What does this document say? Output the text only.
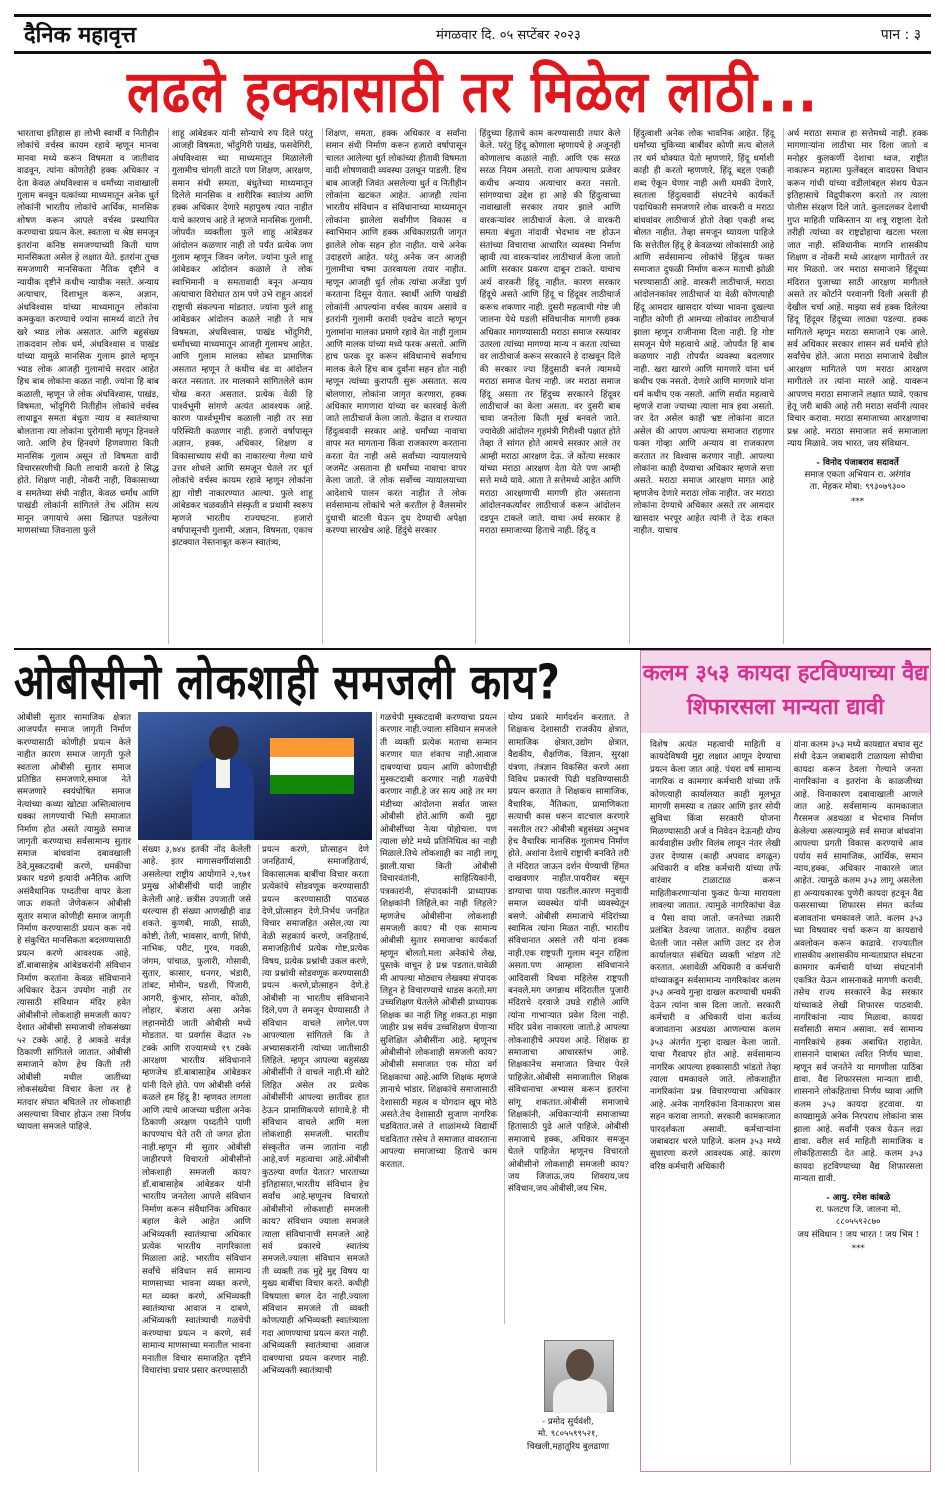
दैनिक महावृत्त	मंगळवार दि. ०५ सप्टेंबर २०२३	पान : ३
लढले हक्कासाठी तर मिळेल लाठी...
भारताचा इतिहास हा लोभी स्वार्थी व नितीहीन लोकांचे वर्चस्व कायम रहावे म्हणून मानवा मानवा मध्ये करून विषमता व जातीवाद वाढवून, त्यांना कोणतेही हक्क अधिकार न देता केवळ अंधविश्वास व धर्मांच्या नावाखाली गुलाम बनवून यत्कांच्या माध्यमातून अनेक धुर्त लोकांनी भारतीय लोकांचे आर्थिक, मानसिक शोषण करून आपले वर्चस्व प्रस्थापित करण्याचा प्रयत्न केल. स्वतःला च श्रेष्ठ समजून इतरांना कनिष्ठ समजण्याच्याी किती घाण मानसिकता असेल हे लक्षात येते. इतरांना तुच्छ समजणारी मानसिकता नैतिक दृष्टीने व न्यायीक दृष्टीने कधीच न्यायीक नसते. अन्याय अत्याचार, दिशाभूल करून, अज्ञान, अंधविश्वास यांच्या माध्यमातून लोकांना कमकुवत करण्याचे ज्यांना सामर्थ्य वाटते तेच खरे भ्याड लोक असतात. आणि बहुसंख्य ताकदवान लोक धर्म, अंधविश्वास व पाखंड यांच्या यामुळे मानसिक गुलाम झाले म्हणून भ्याड लोक आजही गुलामांचे सरदार आहेत हिच बाब लोकांना कळत नाही. ज्यांना हि बाब कळाली, म्हणून जे लोक अंधविश्वास, पाखंड, विषमता, भोंदूगिरी नितीहीन लोकांचे वर्चस्व लाथाडून समता बंधुता न्याय व स्वातंत्र्याचा बोलताना त्या लोकांना पुरोगामी म्हणून हिनवले जाते. आणि हेच हिनवणे हिणवणारा किती मानसिक गुलाम असून तो विषमता वादी विचारसरणीची किती लाचारी करतो हे सिद्ध होते. शिक्षण नाही, नोकरी नाही, विकासाच्या व समतेच्या संधी नाहीत, केवळ धर्मांध आणि पाखंडी लोकांनी सांगितले तेच अंतिम सत्य मानून जगायाचे असा खितपत पडलेल्या माणसांच्या जिवनाला फुले
शाहू आंबेडकर यांनी सोन्याचे रुप दिले परंतु आजही विषमता, भोंदुगिरी पाखंड, फसवेगिरी, अंधविश्वास च्या माध्यमातून मिळालेली गुलामीच चांगली वाटते पण शिक्षण, आरक्षण, समान संधी समता, बंधुतेच्या माध्यमातून दिलेले मानसिक व शारीरिक स्वातंत्र्य आणि हक्क अधिकार देणारे महापुरुष त्यात नाहीत याचे कारणच आहे ते म्हणजे मानसिक गुलामी. जोपर्यंत व्यक्तीला फुले शाहू आंबेडकर आंदोलन कळणार नाही तो पर्यंत प्रत्येक जण गुलाम म्हणून जिवन जगेल. ज्यांना फुले शाहू आंबेडकर आंदोलन कळाले ते लोक स्वाभिमानी व समतावादी बनून अन्याय अत्याचारा विरोधात ठाम पणे उभे राहून आदर्श राष्ट्राची संकल्पना मांडतात. ज्यांना फुले शाहू आंबेडकर आंदोलन कळले नाही ते मात्र विषमता, अंधविश्वास, पाखंड भोंदुगिरी, धर्मांधच्या माध्यमातून आजही गुलामच आहेत. आणि गुलाम मालका सोबत प्रामाणिक असतात म्हणून ते कधीच बंड वा आंदोलन करत नसतात. तर मालकाने सांगितलेले काम चोख करत असतात. प्रत्येक वेळी हि पार्श्वभूमी सांगणे अत्यंत आवश्यक आहे. कारण पार्श्वभूमीच कळाली नाही तर सद्य परिस्थिती कळणार नाही. हजारो वर्षापासून अज्ञान, हक्क, अधिकार, शिक्षण व विकासाच्याय संधी का नाकारल्या गेल्या याचे उत्तर शोधले आणि समजून घेतले तर धूर्त लोकांचे वर्चस्व कायम रहावे म्हणून लोकांना ह्या गोष्टी नाकारण्यात आल्या. फुले शाहू आंबेडकर चळवळीने संस्कृती व प्रथामी स्वरूप म्हणजे भारतीय राज्यघटना. हजारो वर्षापासूनची गुलामी, अज्ञान, विषमता, एकाच झटक्यात नेस्तनाबूत करून स्वातंत्र्य,
शिक्षण, समता, हक्क अधिकार व सर्वांना समान संधी निर्माण करून हजारो वर्षापासून चालत आलेल्या धुर्त लोकांच्या हीतावी विषमता वादी शोषणवादी व्यवस्था उलथून पाडली. हिच बाब आजही जिवंत असलेल्या धुर्त व नितीहीन लोकांना खटकत आहेत. आजही त्यांना भारतीय संविधान व संविधानाच्या माध्यमातून लोकांना झालेला सर्वांगीण विकास व स्वाभिमान आणि हक्क अधिकाराप्रती जागृत झालेले लोक सहन होत नाहीत. याचे अनेक उदाहरणे आहेत. परंतु अनेक जन आजही गुलामीचा चष्मा उतरवायला तयार नाहीत. म्हणून आजही धुर्त लोक त्यांचा अजेंडा पुर्ण करताना दिसून येतात. स्वार्थी आणि पाखंडी लोकांनी आपल्यांना वर्चस्व कायम असावे व इतरांनी गुलामी करावी एवढेच वाटते म्हणून गुलामांना मालका प्रमाणे रहावे वेत नाही गुलाम आणि मालक यांच्या मध्ये फरक असतो. आणि हाच फरक दूर करून संविधानाचे सर्वांगाच मालक केले हिच बाब दुर्वांना सहन होत नाही म्हणून त्यांच्या कुरापती सुरू असतात. सत्य बोलणारा, लोकांना जागृत करणारा, हक्क अधिकार मागणारा यांच्या वर कारवाई केली जाते लाठीचार्ज केला जातो. केंद्रात व राज्यात हिंदुत्ववादी सरकार आहे. धर्मांच्या नावाचा वापर मत मागताना किंवा राजकारण करताना करता येत नाही असे सर्वांच्या न्यायालयाचे जजमेंट असताना ही धर्मांच्या नावाचा वापर केला जातो. जे लोक सर्वोच्च न्यायालयाच्या आदेशाचे पालन करत नाहीत ते लोक सर्वसामान्य लोकांचे भले करतील हे वैलसमोर दुधाची बाटली घेऊन दुध देण्याची अपेक्षा करण्या सारखेच आहे. हिंदुंचे सरकार
हिंदुच्या हिताचे काम करण्यासाठी तयार केले केले. परंतु हिंदू कोणाला म्हणायचे हे अजूनही कोणालाच कळाले नाही. आणि एक सरळ सरळ नियम असतो. राजा आपल्याच प्रजेवर कधीच अन्याय अत्याचार करत नसतो. सांगण्याचा उद्देश हा आहे की हिंदुत्वाच्या नावाखाली सरकार तयार झाले आणि वारकऱ्यांवर लाठीचार्ज केला. जे वारकरी समता बंधुता नांदावी भेदभाव नष्ट होऊन संतांच्या विचाराचा आधारित व्यवस्था निर्माण व्हावी त्या वारकऱ्यांवर लाठीचार्ज केला जातो आणि सरकार प्रकरण दाबून टाकते. याचाच अर्थ वारकरी हिंदू नाहीत. कारण सरकार हिंदूचे असते आणि हिंदू च हिंदूवर लाठीचार्ज करूच शकणार नाही. दुसरी महत्वाची गोष्ट जी जालना येथे घडली संविधानीक मागणी हक्क अधिकार मागण्यासाठी मराठा समाज रस्त्यावर उतरला त्यांच्या मागण्या मान्य न करता त्यांच्या वर लाठीचार्ज करून सरकारने हे दाखवून दिले की सरकार ज्या हिंदुसाठी बनले त्यामध्ये मराठा समाज येतच नाही. जर मराठा समाज हिंदू असता तर हिंदुच्य सरकारने हिंदूवर लाठीचार्ज का केला असता. वर दुसरी बाब चावा जनतेला किती मूर्ख बनवले जाते. ज्यावेळी आंदोलन गृहमंत्री गिरीश्वी पक्षात होते तेव्हा ते सांगत होते आमचे सरकार आले तर आम्ही मराठा आरक्षण देऊ. जे कोंत्या सरकार यांच्या मराठा आरक्षण देता येते पण आम्ही सत्ते मध्ये यावे. आता ते सत्तेमध्ये आहेत आणि मराठा आरक्षणाची मागणी होत असताना आंदोलनकर्त्यांवर लाठीचार्ज करून आंदोलन दडपून टाकले जाते. याचा अर्थ सरकार हे मराठा समाजाच्या हिताचे नाही. हिंदू व
हिंदुत्वाशी अनेक लोक भावनिक आहेत. हिंदू धर्मांच्या चुकिच्या बाबींवर कोणी सत्य बोलले तर धर्म धोक्यात येतो म्हणणारे, हिंदू धर्माशी काही ही करतो म्हणणारे, हिंदू बद्दल एकही शब्द ऐकून घेणार नाही अशी धमकी देणारे, स्वतःला हिंदुत्ववादी संघटनेचे कार्यकर्ते पदाधिकारी समजणारे लोक वारकरी व मराठा बांधवांवर लाठीचार्ज होतो तेव्हा एकही शब्द बोलत नाहीत. तेव्हा समजून घ्यायला पाहिजे कि सत्तेतील हिंदू हे केवळच्या लोकांसाठी आहे आणि सर्वसामान्य लोकांचे हिंदुत्व फक्त समाजात दुफळी निर्माण करून मताची झोळी भरण्यासाठी आहे. वारकरी लाठीचार्ज, मराठा आंदोलनकांवर लाठीचार्ज या वेळी कोणत्याही हिंदू आमदार खासदार यांच्या भावना दुखल्या नाहीत कोणी ही आमच्या लोकांवर लाठीचार्ज झाला म्हणून राजीनामा दिला नाही. हि गोष्ट समजून घेणे महत्वाचे आहे. जोपर्यंत हि बाब कळणार नाही तोपर्यंत व्यवस्था बदलणार नाही. खरा खारणे आणि मागणारे यांना धर्म कधीच एक नसतो. देणारे आणि मागणारे यांना धर्म कधीच एक नसतो. आणि सर्वात महत्वाचे म्हणजे राजा ज्याच्या त्याला मात्र हवा असतो. जर देत असेल काही भ्रष्ट लोकांना वाटत असेल की आपण आपल्या समाजात राहणार फक्त गोव्हा आणि अन्याय वा राजकारण करतात तर विश्वास करणार नाही. आपल्या लोकांना काही देण्याचा अधिकार म्हणजे सत्ता असते. मराठा समाज आरक्षण मागत आहे म्हणजेच देणारे मराठा लोक नाहीत. जर मराठा लोकांना देण्याचे अधिकार असते तर आमदार खासदार भरपूर आहेत त्यांनी ते देऊ शकत नाहीत. याचाच
अर्थ मराठा समाज हा सत्तेमध्ये नाही. हक्क मागणाऱ्यांना लाठीचा मार दिला जातो व मनोहर कुलकर्णी देशाचा ध्वज, राष्ट्रीत नाकारून महात्मा फुलेंबद्दल बादग्रस्त विधान करून गांधी यांच्या वडीलांबद्दल संशय घेऊन इतिहासाचे विद्रुपीकरण करतो तर त्याला पोलीस संरक्षण दिले जाते. कुलदलकर देशाची गुप्त माहिती पाकिस्तान या शत्रू राष्ट्राला देतो तरीही त्यांच्या वर राष्ट्रद्रोहाचा खटला भरला जात नाही. संविधानीक मागनि शासकीय शिक्षण व नोकरी मध्ये आरक्षण मागीतले तर मार मिळतो. जर मराठा समाजाने हिंदूच्या मंदिरात पुजाच्या साठी आरक्षण मागीतले असते तर कोर्टाने परवानगी दिली असती ही देखील चर्चा आहे. माझ्या सर्व हक्क दिलेल्या हिंदू हिंदूवर हिंदूच्या लाठ्या पडल्या. हक्क मागितले म्हणून मराठा समाजाने एक आले. सर्व अधिकार सरकार शासन सर्व धर्माचे होते सर्वांचेच होते. आता मराठा समाजाचे देखील आरक्षण मागितले पण मराठा आरक्षण मागीतले तर त्यांना मारले आहे. यावरून आपणच मराठा समाजाने लक्षात घ्यावे. एकाच हेतू जरी बाकी आहे तरी मराठा सर्वांनी त्यावर विचार करावा. मराठा समाजाच्या आरक्षणाचा प्रश्न आहे. मराठा समाजात सर्व समाजाला न्याय मिळावे. जय भारत, जय संविधान.
- विनोद पंजाबराव सदावर्ते
समाज एकता अभियान रा. अरंगांव
ता. मेहकर मोबा: ९९३०७९३००
***
ओबीसीनो लोकशाही समजली काय?
ओबीसी सुतार सामाजिक क्षेत्रात आजपर्यंत समाज जागृती निर्माण करण्यासाठी कोणीही प्रयत्न केले नाहीत कारण समाज जागृती फुले स्वतःला ओबीसी सुतार समाज प्रतिष्ठित समजणारे,समाज नेते समजणारे स्वयंघोषित समाज नेत्यांच्या कथ्या खोट्या अस्तित्वालाच धक्का लागण्याची भिती समाजात निर्माण होत असते त्यामुळे समाज जागृती करण्याचा सर्वसामान्य सुतार समाज बांधवांना दबावखाली ठेवे,मुस्कटदाबी करणे, धमकीचा प्रकार घडणे इत्यादी अनैतिक आणि असंवैधानिक पध्दतीचा वापर केला जाऊ शकतो जेणेकरून ओबीसी सुतार समाज कोणीही समाज जागृती निर्माण करण्यासाठी प्रयत्न करू नये हे संकुचित मानसिकता बदलण्यासाठी प्रयत्न करणे आवश्यक आहे. डॉ.बाबासाहेब आंबेडकरांनी संविधान निर्माण करतांना केवळ संविधानाने अधिकार देऊन उपयोग नाही तर त्यासाठी संविधान मंदिर हवेत ओबीसीनो लोकशाही समजली काय? देशात ओबीसी समाजाची लोकसंख्या ५२ टक्के आहे. हे आकडे सर्वज्ञ ठिकाणी सांगितले जातात. ओबीसी समाजाने कोण हेच किती तरी ओबीसी मधील जातींच्या लोकसंख्येचा विचार केला तर हे मतदार संघात बघितले तर लोकशाही असल्याचा विचार होऊन तसा निर्णय घ्यायला समजले पाहिजे.
संख्या ३,७४४ इतकी नोंद केलेली आहे. इतर मागासवर्गीयांसाठी असलेल्या राष्ट्रीय आयोगाने २,९७१ प्रमुख ओबीसींची यादी जाहीर केलेली आहे. छत्रीस उपजाती जसे धरल्यास ही संख्या आणखीही वाढ शकते. कुणबी, माळी, साळी, कोष्टी, तेली, भावसार, वाणी, शिंपी, नाभिक, परीट, गुरव, गवळी, जंगम, पांचाळ, फुलारी, गोसावी, सुतार, कासार, धनगर, भंडारी, तांबट, मोमीन, घडशी, पिंजारी, आगरी, कुंभार, सोनार, कोळी, लोहार, बंजारा असा अनेक लहानमोठी जाती ओबीसी मध्ये मोडतात. या प्रवर्गास केंद्रात २७ टक्के आणि राज्यामध्ये १९ टक्के आरक्षण भारतीय संविधानाने म्हणजेच डॉ.बाबासाहेब आंबेडकर यांनी दिले होते. पण ओबीसी वर्गसे कळले हम हिंदू है! म्हणवत लागला आणि त्याचे आजच्या घडीला अनेक ठिकाणी अरक्षण पध्दतीने पाणी कापण्याच घेते तरी तो जगत होता नाही.म्हणून मी सुतार ओबीसी जाहीरपणे विचारतो ओबीसीनो लोकशाही समजली काय? डॉ.बाबासाहेब आंबेडकर यांनी भारतीय जनतेला आपले संविधान निर्माण करून संवैधानिक अधिकार बहाल केले आहेत आणि अभिव्यक्ती स्वातंत्र्याचा अधिकार प्रत्येक भारतीय नागरिकाला मिळाला आहे. भारतीय संविधान सर्वांचे संविधान सर्व सामान्य माणसाच्या भावना व्यक्त करणे, मत व्यक्त करणे, अभिव्यक्ती स्वातंत्र्याचा आवाज न दाबणे, अभिव्यक्ती स्वातंत्र्याची गळचेपी करण्याचा प्रयत्न न करणे, सर्व सामान्य माणसाच्या मनातील भावना मनातील विचार समाजहित दृष्टीने विचारांचा प्रचार प्रसार करण्यासाठी
प्रयत्न करणे, प्रोत्साहन देणे जनहितार्थ, समाजहितार्थ, विकासात्मक बाबींचा विचार करता प्रत्येकांचे सोडवणूक करण्यासाठी प्रयत्न करण्यासाठी पाठबळ देणे,प्रोत्साहन देणे.निर्भय जनहित विचार समाजहित असेल,त्या त्या वेळी सहकार्य करणे, जनहितार्थ, समाजहितीर्थ प्रत्येक गोष्ट,प्रत्येक विषय, प्रत्येक प्रश्नांची उकल करणे, त्या प्रश्नांची सोडवणूक करण्यासाठी प्रयत्न करणे,प्रोत्साहन देणे.हे ओबीसी ना भारतीय संविधानाने दिले,पण ते समजून घेण्यासाठी ते संविधान वाचले लागेल.पण आपल्याला सांगितले कि ते अभ्यासकरांनी त्यांच्या जातीसाठी लिहिले. म्हणून आपल्या बहुसंख्य ओबीसींनी ते वाचले नाही.मी खोटे लिहित असेल तर प्रत्येक ओबीसींनी आपल्या छातीवर हात ठेऊन प्रामाणिकपणे सांगावे.हे मी संविधान वाचले आणि मला लोकशाही समजली. भारतीय संस्कृतीत जन्म जातांना नाही आहे,वर्ण महत्वाचा आहे.ओबीसी कुठल्या वर्णात येतात? भारताच्या इतिहासात,भारतीय संविधान हेच सर्वांच आहे.म्हणूनच विचारतो ओबीसीनो लोकशाही समजली काय? संविधान ज्याला समजले त्याला संविधानाची समजले आहे सर्व प्रकारचे स्वातंत्र्य समजले.ज्याला संविधान समजते ती व्यक्ती तक मुद्दे मुद्द विषय या मुख्य बाबींचा विचार करते. कधीही विषयाला बगल देत नाही.ज्याला संविधान समजले ती व्यक्ती कोणत्याही अभिव्यक्ती स्वातंत्र्याला गदा आणण्याचा प्रयत्न करत नाही. अभिव्यक्ती स्वातंत्र्याचा आवाज दाबण्याचा प्रयत्न करणार नाही. अभिव्यक्ती स्वातंत्र्याची
गळचेपी मुस्कटदाबी करण्याचा प्रयत्न करणार नाही.ज्याला संविधान समजले ती व्यक्ती प्रत्येक मताचा सन्मान करणार यात शंकाच नाही.आवाज दाबण्याचा प्रयत्न आणि कोणाचीही मुस्कटदाबी करणार नाही गळचेपी करणार नाही.हे जर सत्य आहे तर मग मंडीच्या आंदोलना सर्वात जास्त ओबीसी होते.आणि कधी मुद्दा ओबीसींच्या नेत्या पोहोचला. पण त्याला छोटे मध्ये प्रतिनिधित्व का नाही मिळाले.तिथे लोकशाही का नाही लागू झाली.याचा किती ओबीसी विचारवंतांनी, साहित्यिकांनी, पत्रकारांनी, संपादकांनी प्राध्यापक शिक्षकांनी लिहिले.का नाही लिहले? म्हणजेच ओबीसीना लोकशाही समजली काय? मी एक सामान्य ओबीसी सुतार समाजाचा कार्यकर्ता म्हणून बोलतो.मला अनेकांचे लेख, पुस्तके वाचून हे प्रश्न पडतात.यावेळी मी आपल्या मोठ्याच लेखक्या संपादक लिहून हे विचारण्याचे धाडस करतो.मग उच्चशिक्षण घेतलेले ओबीसी प्राध्यापक शिक्षक का नाही लिहू शकत.हा माझा जाहीर प्रश्न सर्वच उच्चशिक्षण घेणाऱ्या सुशिक्षित ओबीसींना आहे. म्हणूनच ओबीसीनो लोकशाही समजली काय? ओबीसी समाजात एक मोठा वर्ग शिक्षकाचा आहे.आणि शिक्षक म्हणजे ज्ञानाचे भांडार. शिक्षकांचे समाजासाठी देशासाठी महत्व व योगदान खूप मोठे असते.तेच देशासाठी सुजाण नागरिक घडवितात.जसे ते शाळांमध्ये विद्यार्थी घडवितात तसेच ते समाजात वावरताना आपल्या समाजाच्या हिताचे काम करतात.
योग्य प्रकारे मार्गदर्शन करतात. ते शिक्षकच देशासाठी राजकीय क्षेत्रात, सामाजिक क्षेत्रात,उद्योग क्षेत्रात, वैद्यकीय, शैक्षणिक, विज्ञान, सुरक्षा यंत्रणा, तंत्रज्ञान विकसित करणे अशा विविध प्रकारची पिढी घडविण्यासाठी प्रयत्न करतात ते शिक्षकच सामाजिक, वैचारिक, नैतिकता, प्रामाणिकता सत्याची कास धरून वाटचाल करणारे नसतील तर? ओबीसी बहुसंख्य अनुभव हेच वैचारिक मानसिक गुलामच निर्माण होते. अशांना देशाचे राष्ट्राची बनविते तरी ते मंदिरात जाऊन दर्शन घेण्याची हिंमत दाखवणार नाहीत.पायरीवर बसून डाग्याचा पाया पडतील.कारण मनुवादी समाज व्यवस्थेत यांनी व्यवस्थेतून बसणे. ओबीसी समाजाचे मंदिरांच्या स्वामित्व त्यांना मिळत नाही. भारतीय संविधानात असले तरी यांना हक्क नाही.एक राष्ट्रपती गुलाम बनून राहिला असता.पण आम्हाला संविधानाने आदिवासी विधवा महिलेस राष्ट्रपती बनवले.मग जगन्नाथ मंदिरातील पुजारी मंदिराचे दरवाजे उघडे राहीले आणि त्यांना गाभाऱ्यात प्रवेश दिला नाही. मंदिर प्रवेश नाकारला जातो.हे आपल्या लोकशाहीचे अपयश आहे. शिक्षक हा समाजाचा आधारस्तंभ आहे. शिक्षकानेच समाजात विचार पेरले पाहिजेत.ओबीसी समाजातील शिक्षक संविधानाचा अभ्यास करून इतरांना सांगू शकतात.ओबीसी समाजाचे शिक्षकांनी, अधिकाऱ्यांनी समाजाच्या हितासाठी पुढे आले पाहिजे. ओबीसी समाजाचे हक्क, अधिकार समजून घेतले पाहिजेत म्हणूनच विचारतो ओबीसीनो लोकशाही समजली काय? जय जिजाऊ,जय शिवराय,जय संविधान,जय ओबीसी,जय भिम.
- प्रमोद सुर्यवंशी,
मो. ९८०५५९९५२१,
चिखली,महातूरिय बुलढाणा
कलम ३५३ कायदा हटविण्याच्या वैद्य शिफारसला मान्यता द्यावी
विशेष अत्यंत महत्वाची माहिती व कायदेविषयी मुद्दा लक्षात आणून देण्याचा प्रयत्न केला जात आहे. पंधरा वर्ष सामान्य नागरिक व कामगार कर्मचारी यांच्या तर्फे कोणत्याही कार्यालयात काही मूलभूत मागणी समस्या व तक्रार आणि इतर सोयी सुविधा किंवा सरकारी योजना मिळण्यासाठी अर्ज व निवेदन देऊनही योग्य कार्यवाहीस उशीर विलंब लावून नंतर लेखी उत्तर देण्यास (काही अपवाद वगळून) अधिकारी व वरिष्ठ कर्मचारी यांच्या तर्फे वारंवार टाळाटाळ करून माहितीकरणाऱ्यांना फुकट फेऱ्या मारायला लावल्या जातात. त्यामुळे नागरिकांचा वेळ व पैसा वाया जातो. जनतेच्या तक्रारी प्रलंबित ठेवल्या जातात. काहीच दखल घेतली जात नसेल आणि उलट दर रोज कार्यालयात संबंधित व्यक्ती भांडण तंटे करतात. अशावेळी अधिकारी व कर्मचारी यांच्याकडून सर्वसामान्य नागरिकांवर कलम ३५३ अन्वये गुन्हा दाखल करण्याची धमकी देऊन त्यांना त्रास दिला जातो. सरकारी कर्मचारी व अधिकारी यांना कर्तव्य बजावताना अडथळा आणल्यास कलम ३५३ अंतर्गत गुन्हा दाखल केला जातो. याचा गैरवापर होत आहे. सर्वसामान्य नागरिक आपल्या हक्कासाठी भांडतो तेव्हा त्याला धमकावले जाते. लोकशाहीत नागरिकांना प्रश्न विचारण्याचा अधिकार आहे. अनेक नागरिकांना विनाकारण त्रास सहन करावा लागतो. सरकारी कामकाजात पारदर्शकता असावी. कर्मचाऱ्यांना जबाबदार धरले पाहिजे. कलम ३५३ मध्ये सुधारणा करणे आवश्यक आहे. कारण वरिष्ठ कर्मचारी अधिकारी
यांना कलम ३५३ मध्ये कायद्यात बचाव सुट संधी देऊन जबाबदारी टाळायला सोयीचा कायदा करून ठेवला गेल्याने जनता नागरिकांना व इतरांना के काळजीच्या आहे. विनाकारण दबावाखाली आणले जात आहे. सर्वसामान्य कामकाजात गैरसमज अडथळा व भेदभाव निर्माण केलेल्या असल्यामुळे सर्व समाज बांधवांना आपल्या प्रगती विकास करण्याचे आव पर्याय सर्व सामाजिक, आर्थिक, समान न्याय,हक्क, अधिकार नाकारले जात आहेत. त्यामुळे कलम ३५३ लागू असलेला हा अन्यायकारक पुणेरी कायदा हटवून वैद्य फसरसाच्या शिफारस संमत कर्तव्य बजावतांना धमकावले जाते. कलम ३५३ च्या विषयावर चर्चा करून या कायद्याचे अवलोकन करून काढावे. राज्यातील शासकीय अशासकीय मान्यताप्राप्त संघटना कामगार कर्मचारी यांच्या संघटनांनी एकत्रित येऊन शासनाकडे मागणी करावी. तसेच राज्य सरकारने केंद्र सरकार यांच्याकडे लेखी शिफारस पाठवावी. नागरिकांना न्याय मिळावा. कायदा सर्वांसाठी समान असावा. सर्व सामान्य नागरिकांचे हक्क अबाधित राहावेत. शासनाने याबाबत त्वरित निर्णय घ्यावा. म्हणून सर्व जनतेने या मागणीला पाठिंबा द्यावा. वैद्य शिफारसला मान्यता द्यावी. शासनाने लोकहिताचा निर्णय घ्यावा आणि कलम ३५३ कायदा हटवावा. या कायद्यामुळे अनेक निरपराध लोकांना त्रास झाला आहे. सर्वांनी एकत्र येऊन लढा द्यावा. वरील सर्व माहिती सामाजिक व लोकहितासाठी देत आहे. कलम ३५३ कायदा हटविण्याच्या वैद्य शिफारसला मान्यता द्यावी.
- आयु. रमेश कांबळे
रा. फलटण जि. जालना मो. ८८०५५९२८७०
जय संविधान ! जय भारत ! जय भिम !
***
